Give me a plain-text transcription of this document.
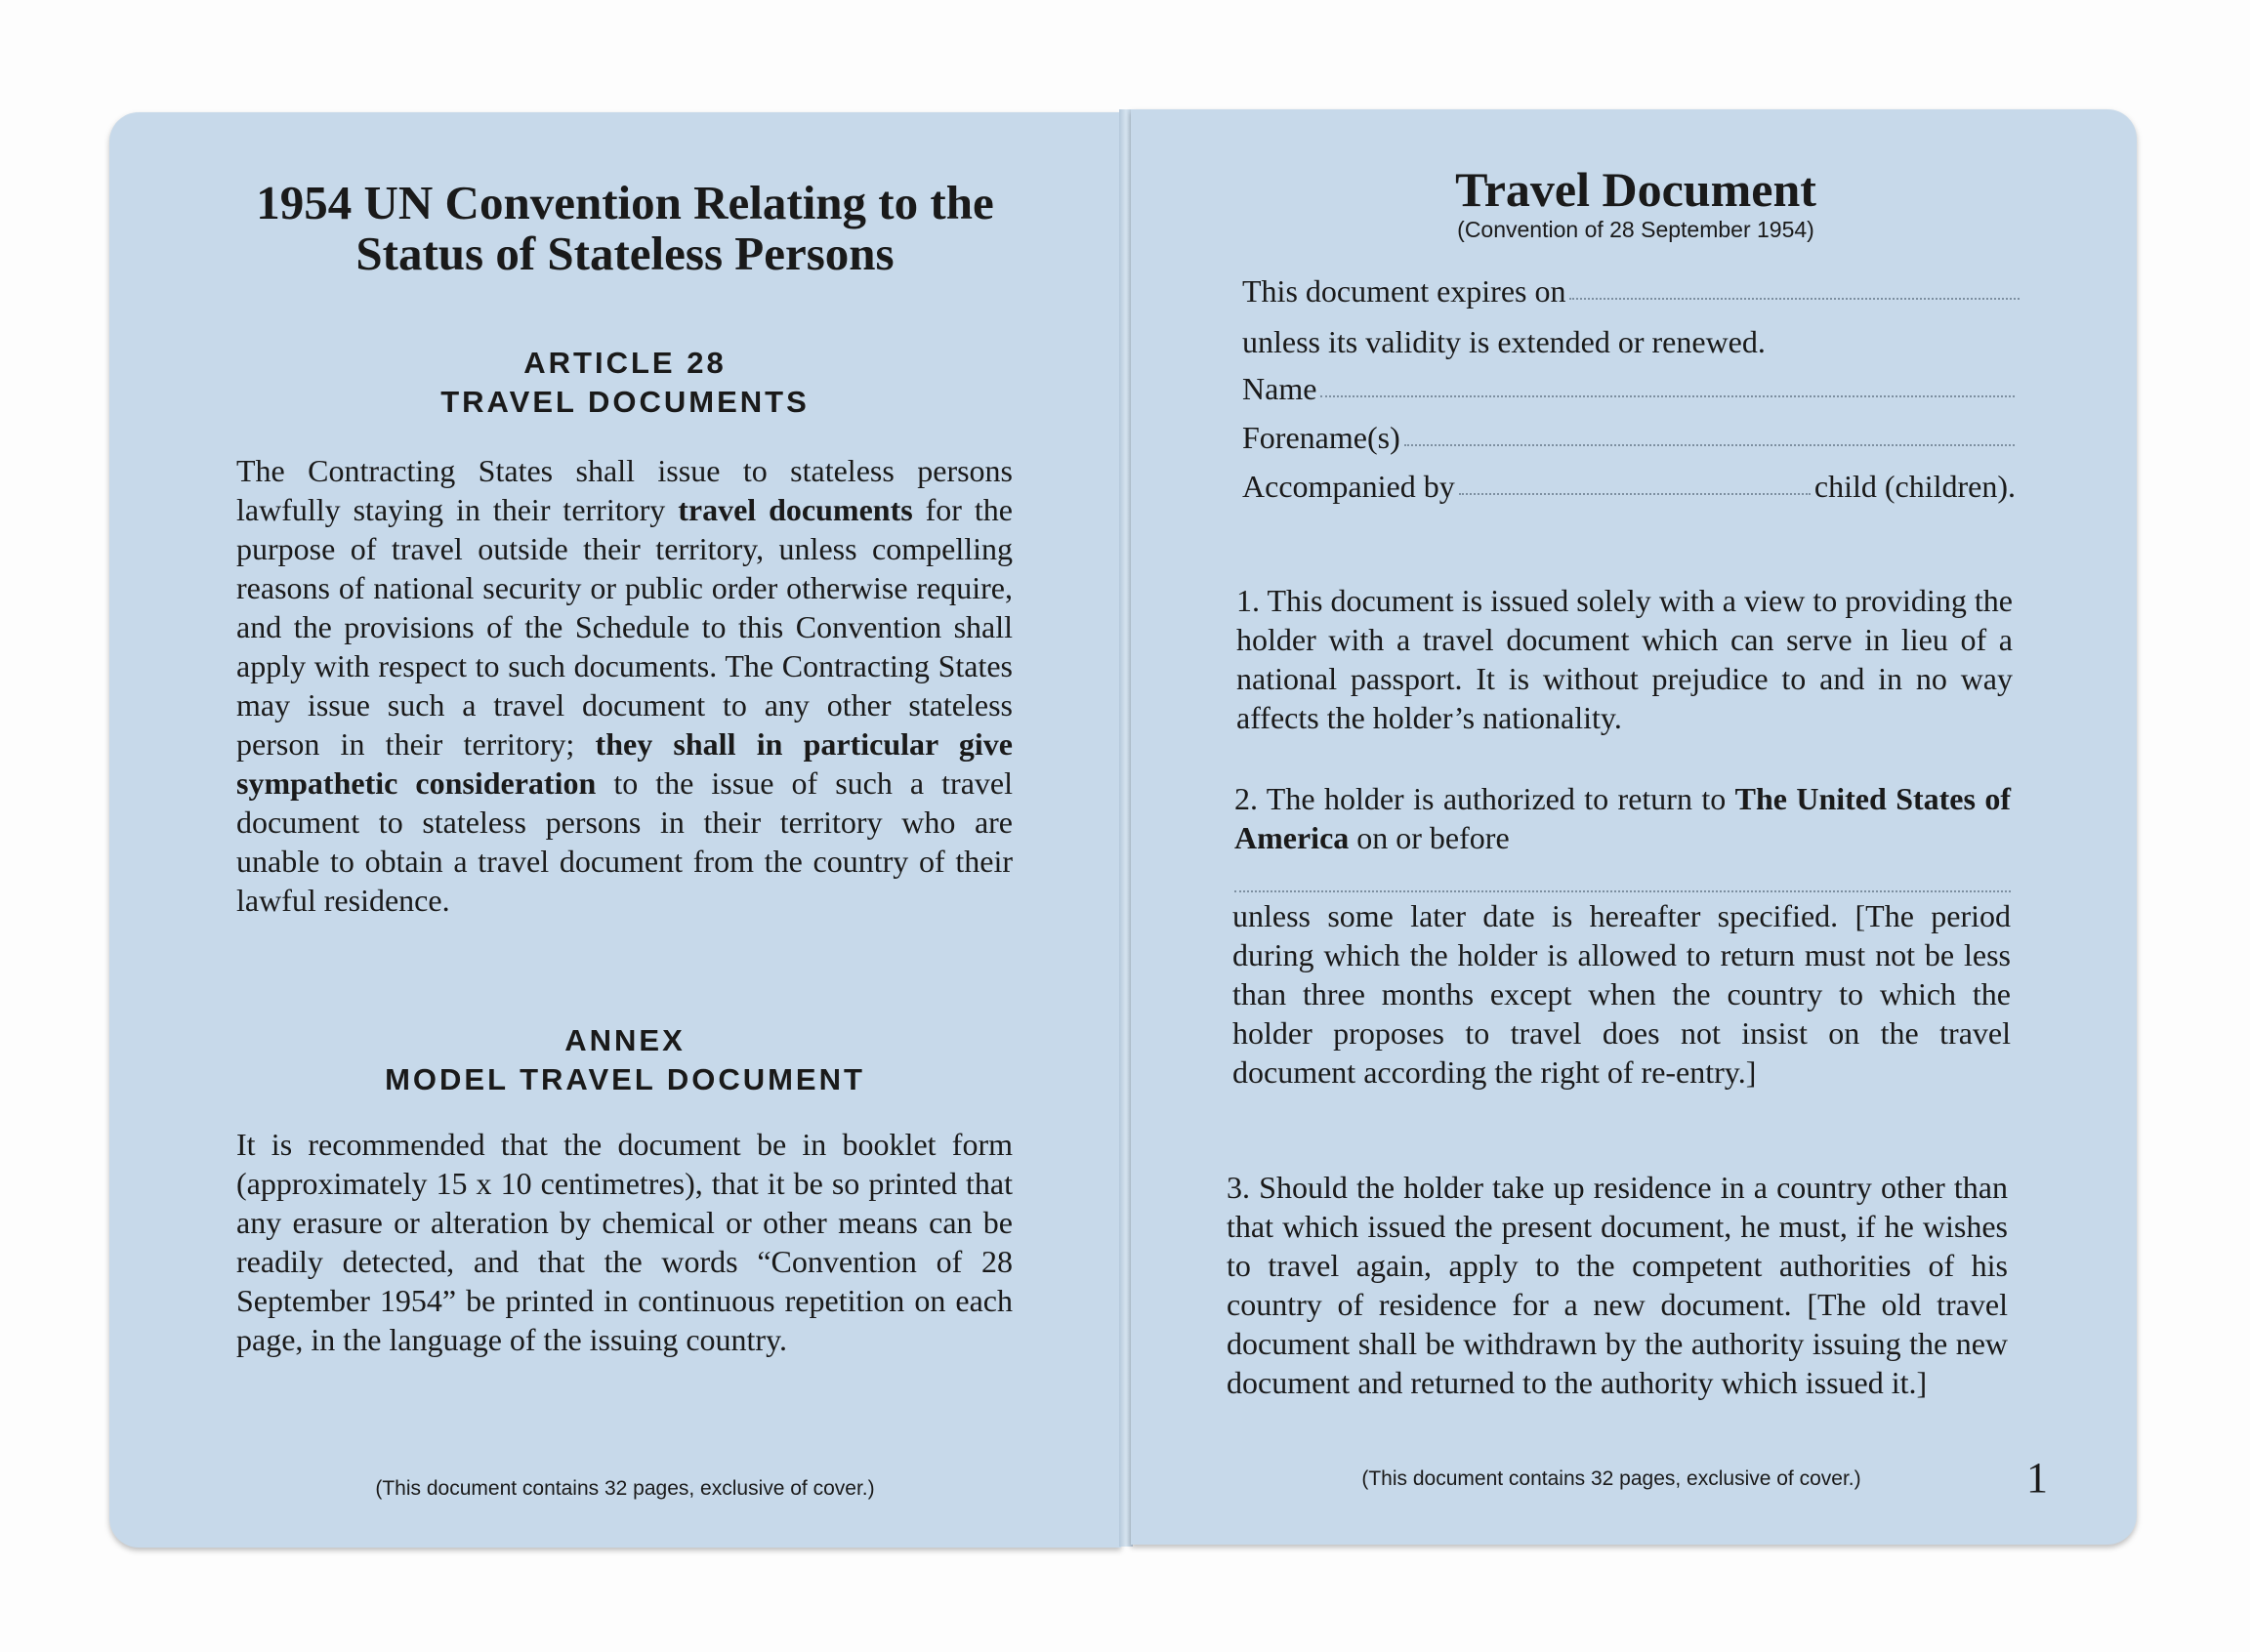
1954 UN Convention Relating to the
Status of Stateless Persons
ARTICLE 28
TRAVEL DOCUMENTS
The Contracting States shall issue to stateless persons lawfully staying in their territory travel documents for the purpose of travel outside their territory, unless compelling reasons of national security or public order otherwise require, and the provisions of the Schedule to this Convention shall apply with respect to such documents. The Contracting States may issue such a travel document to any other stateless person in their territory; they shall in particular give sympathetic consideration to the issue of such a travel document to stateless persons in their territory who are unable to obtain a travel document from the country of their lawful residence.
ANNEX
MODEL TRAVEL DOCUMENT
It is recommended that the document be in booklet form (approximately 15 x 10 centimetres), that it be so printed that any erasure or alteration by chemical or other means can be readily detected, and that the words “Convention of 28 September 1954” be printed in continuous repetition on each page, in the language of the issuing country.
(This document contains 32 pages, exclusive of cover.)
Travel Document
(Convention of 28 September 1954)
This document expires on
unless its validity is extended or renewed.
Name
Forename(s)
Accompanied by	child (children).
1. This document is issued solely with a view to providing the holder with a travel document which can serve in lieu of a national passport. It is without prejudice to and in no way affects the holder’s nationality.
2. The holder is authorized to return to The United States of America on or before
unless some later date is hereafter specified. [The period during which the holder is allowed to return must not be less than three months except when the country to which the holder proposes to travel does not insist on the travel document according the right of re-entry.]
3. Should the holder take up residence in a country other than that which issued the present document, he must, if he wishes to travel again, apply to the competent authorities of his country of residence for a new document. [The old travel document shall be withdrawn by the authority issuing the new document and returned to the authority which issued it.]
(This document contains 32 pages, exclusive of cover.)	1
